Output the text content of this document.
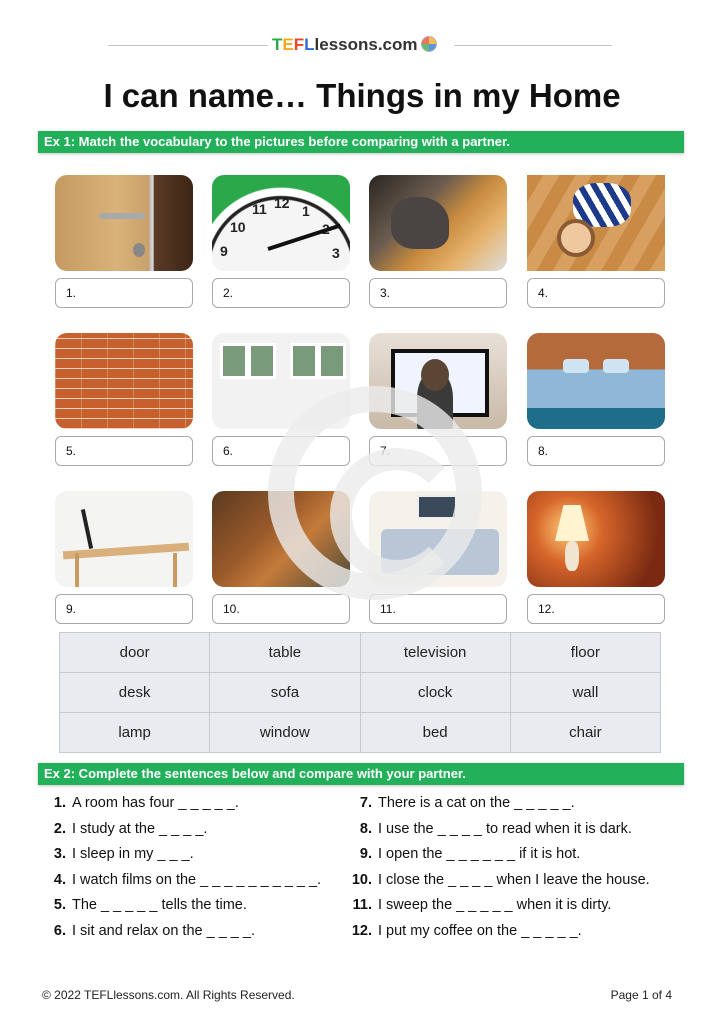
TEFLlessons.com
I can name… Things in my Home
Ex 1: Match the vocabulary to the pictures before comparing with a partner.
1.
11 12 1
10
9	3
2.	3.	4.
5.	6.	7.	8.
9.	10.	11.	12.
door	table	television	floor
desk	sofa	clock	wall
lamp	window	bed	chair
Ex 2: Complete the sentences below and compare with your partner.
1. A room has four _ _ _ _ _.
2. I study at the _ _ _ _.
3. I sleep in my _ _ _.
4. I watch films on the _ _ _ _ _ _ _ _ _ _.
5. The _ _ _ _ _ tells the time.
6. I sit and relax on the _ _ _ _.
7. There is a cat on the _ _ _ _ _.
8. I use the _ _ _ _ to read when it is dark.
9. I open the _ _ _ _ _ _ if it is hot.
10. I close the _ _ _ _ when I leave the house.
11. I sweep the _ _ _ _ _ when it is dirty.
12. I put my coffee on the _ _ _ _ _.
© 2022 TEFLlessons.com. All Rights Reserved.	Page 1 of 4
